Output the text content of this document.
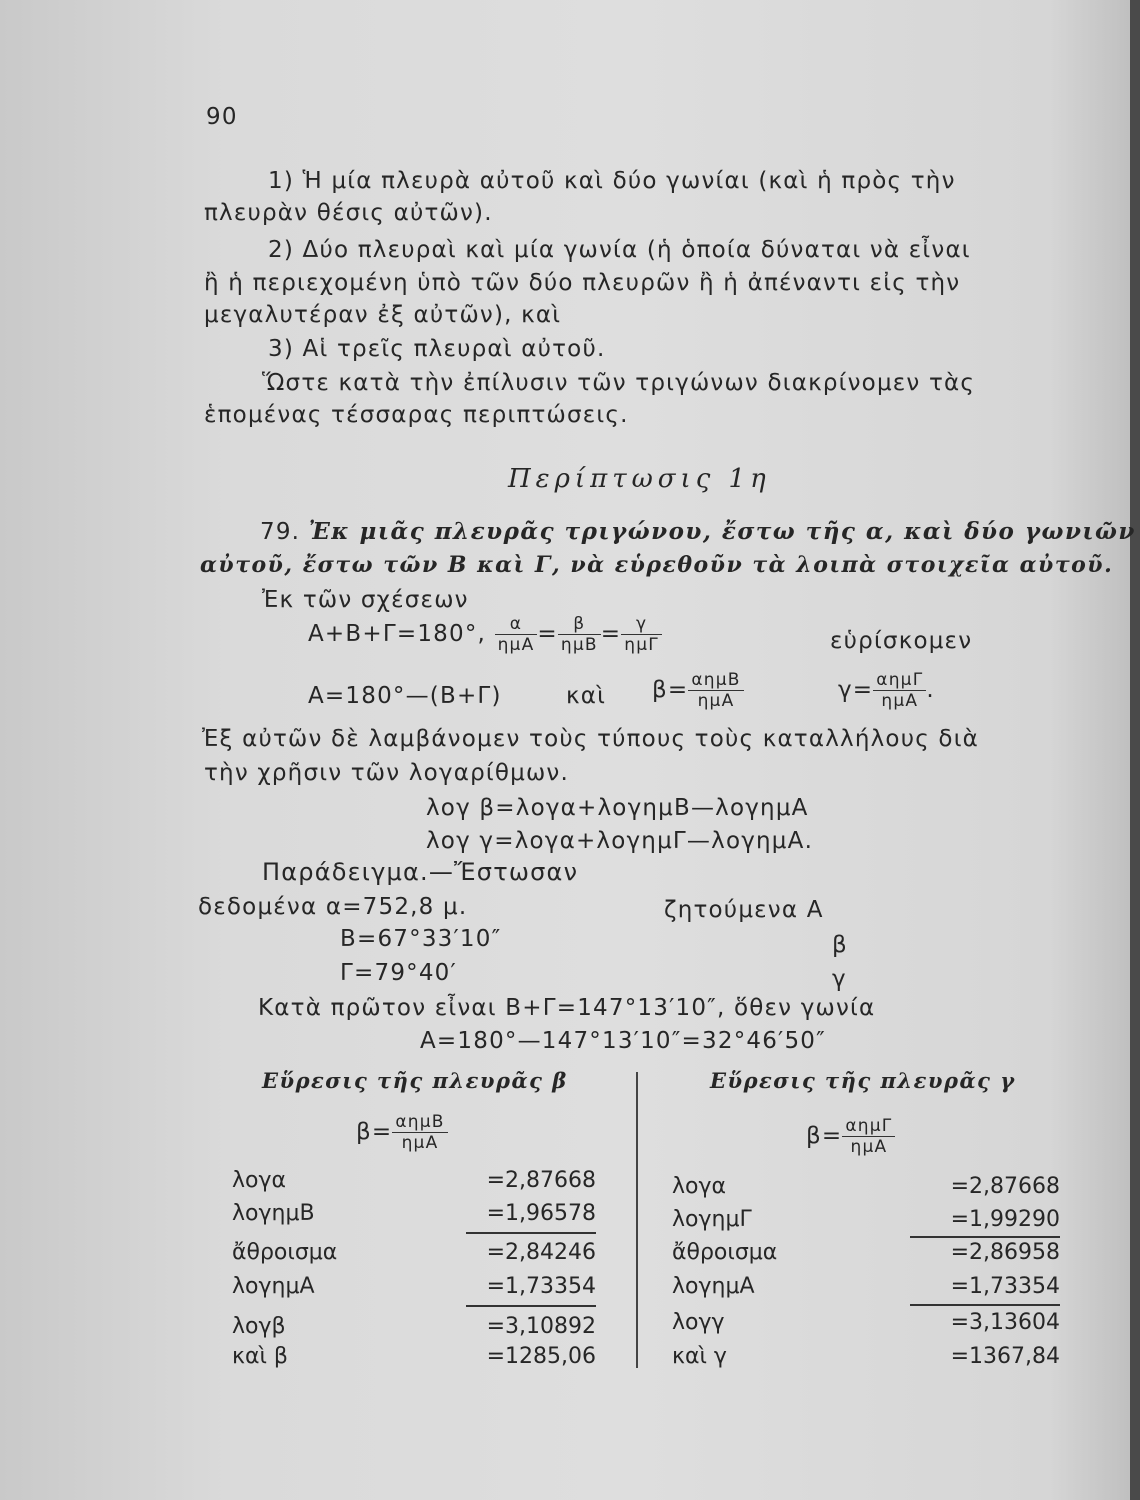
90
1) Ἡ μία πλευρὰ αὐτοῦ καὶ δύο γωνίαι (καὶ ἡ πρὸς τὴν
πλευρὰν θέσις αὐτῶν).
2) Δύο πλευραὶ καὶ μία γωνία (ἡ ὁποία δύναται νὰ εἶναι
ἢ ἡ περιεχομένη ὑπὸ τῶν δύο πλευρῶν ἢ ἡ ἀπέναντι εἰς τὴν
μεγαλυτέραν ἐξ αὐτῶν), καὶ
3) Αἱ τρεῖς πλευραὶ αὐτοῦ.
Ὥστε κατὰ τὴν ἐπίλυσιν τῶν τριγώνων διακρίνομεν τὰς
ἑπομένας τέσσαρας περιπτώσεις.
Περίπτωσις 1η
79. Ἐκ μιᾶς πλευρᾶς τριγώνου, ἔστω τῆς α, καὶ δύο γωνιῶν
αὐτοῦ, ἔστω τῶν Β καὶ Γ, νὰ εὑρεθοῦν τὰ λοιπὰ στοιχεῖα αὐτοῦ.
Ἐκ τῶν σχέσεων
Α+Β+Γ=180°, $\frac{\alpha}{\text{ημΑ}} = \frac{\beta}{\text{ημΒ}} = \frac{\gamma}{\text{ημΓ}}$	εὑρίσκομεν
Α=180°—(Β+Γ)	καὶ $\beta= \frac{\text{αημΒ}}{\text{ημΑ}}$	$\gamma= \frac{\text{αημΓ}}{\text{ημΑ}}$ .
Ἐξ αὐτῶν δὲ λαμβάνομεν τοὺς τύπους τοὺς καταλλήλους διὰ
τὴν χρῆσιν τῶν λογαρίθμων.
λογ β=λογα+λογημΒ—λογημΑ
λογ γ=λογα+λογημΓ—λογημΑ.
Παράδειγμα.—Ἔστωσαν
δεδομένα α=752,8 μ.
Β=67°33′10″
Γ=79°40′
ζητούμενα Α
β
γ
Κατὰ πρῶτον εἶναι Β+Γ=147°13′10″, ὅθεν γωνία
Α=180°—147°13′10″=32°46′50″
Εὕρεσις τῆς πλευρᾶς β
$\beta= \frac{\text{αημΒ}}{\text{ημΑ}}$
λογα	=2,87668
λογημΒ	=1,96578
ἄθροισμα	=2,84246
λογημΑ	=1,73354
λογβ	=3,10892
καὶ β	=1285,06
Εὕρεσις τῆς πλευρᾶς γ
$\beta= \frac{\text{αημΓ}}{\text{ημΑ}}$
λογα	=2,87668
λογημΓ	=1,99290
ἄθροισμα	=2,86958
λογημΑ	=1,73354
λογγ	=3,13604
καὶ γ	=1367,84
